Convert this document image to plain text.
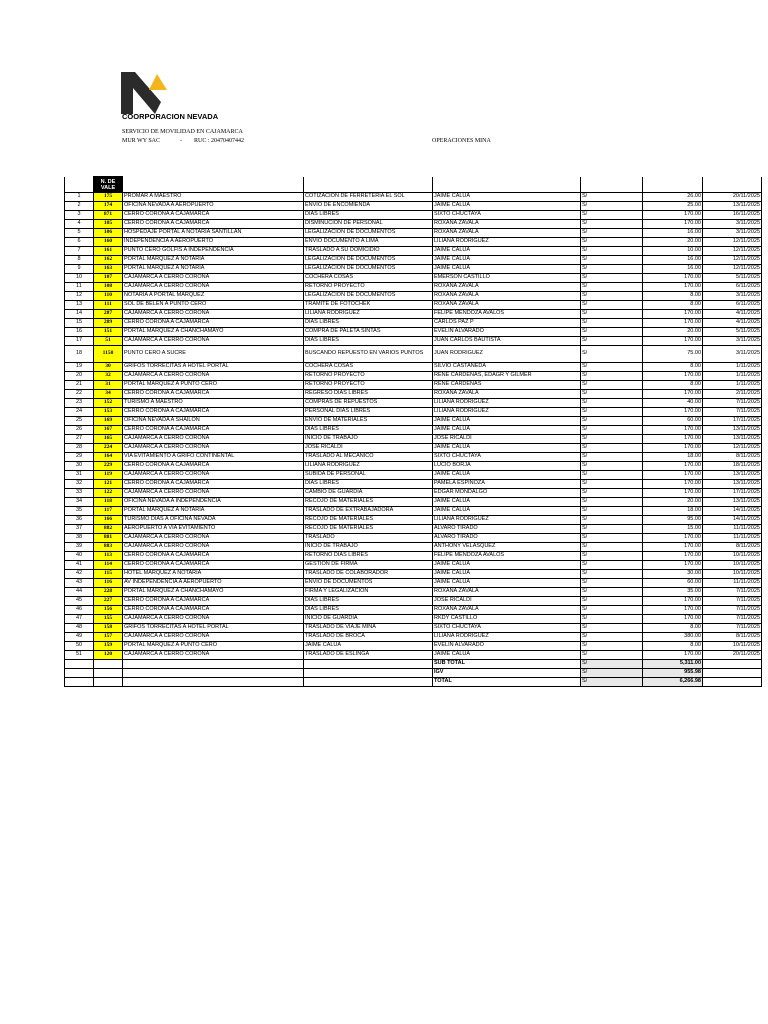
COORPORACION NEVADA
SERVICIO DE MOVILIDAD EN CAJAMARCA
MUR WY SAC	- RUC : 20470407442	OPERACIONES MINA
	N. DE VALE						
1	175	PROMAR A MAESTRO	COTIZACION DE FERRETERIA EL SOL	JAIME CALUA	S/	26.00	20/11/2025
2	174	OFICINA NEVADA A AEROPUERTO	ENVIO DE ENCOMIENDA	JAIME CALUA	S/	25.00	13/11/2025
3	871	CERRO CORONA A CAJAMARCA	DIAS LIBRES	SIXTO CHUCTAYA	S/	170.00	16/11/2025
4	105	CERRO CORONA A CAJAMARCA	DISMINUCION DE PERSONAL	ROXANA ZAVALA	S/	170.00	3/11/2025
5	106	HOSPEDAJE PORTAL A NOTARIA SANTILLAN	LEGALIZACION DE DOCUMENTOS	ROXANA ZAVALA	S/	16.00	3/11/2025
6	160	INDEPENDENCIA A AEROPUERTO	ENVIO DOCUMENTO A LIMA	LILIANA RODRIGUEZ	S/	20.00	12/11/2025
7	161	PUNTO CERO GOLFIS A INDEPENDENCIA	TRASLADO A SU DOMICIDIO	JAIME CALUA	S/	10.00	12/11/2025
8	162	PORTAL MARQUEZ A NOTARIA	LEGALIZACION DE DOCUMENTOS	JAIME CALUA	S/	16.00	12/11/2025
9	163	PORTAL MARQUEZ A NOTARIA	LEGALIZACION DE DOCUMENTOS	JAIME CALUA	S/	16.00	12/11/2025
10	107	CAJAMARCA A CERRO CORONA	COCHERA COSAS	EMERSON CASTILLO	S/	170.00	5/11/2025
11	108	CAJAMARCA A CERRO CORONA	RETORNO PROYECTO	ROXANA ZAVALA	S/	170.00	6/11/2025
12	110	NOTARIA A PORTAL MARQUEZ	LEGALIZACION DE DOCUMENTOS	ROXANA ZAVALA	S/	8.00	3/11/2025
13	111	SOL DE BELEN A PUNTO CERO	TRAMITE DE FOTOCHEK	ROXANA ZAVALA	S/	8.00	6/11/2025
14	287	CAJAMARCA A CERRO CORONA	LILIANA RODRIGUEZ	FELIPE MENDOZA AVALOS	S/	170.00	4/11/2025
15	289	CERRO CORONA A CAJAMARCA	DIAS LIBRES	CARLOS PAZ P	S/	170.00	4/11/2025
16	151	PORTAL MARQUEZ A CHANCHAMAYO	COMPRA DE PALETA SINTAS	EVELIN ALVARADO	S/	20.00	5/11/2025
17	51	CAJAMARCA A CERRO CORONA	DIAS LIBRES	JUAN CARLOS BAUTISTA	S/	170.00	3/11/2025
18	1150	PUNTO CERO A SUCRE	BUSCANDO REPUESTO EN VARIOS PUNTOS	JUAN RODRIGUEZ	S/	75.00	3/11/2025
19	30	GRIFOS TORRECITAS A HOTEL PORTAL	COCHERA COSAS	SILVIO CASTAÑEDA	S/	8.00	1/11/2025
20	32	CAJAMARCA A CERRO CORONA	RETORNO PROYECTO	RENE CARDENAS, EDAGR Y GILMER	S/	170.00	1/11/2025
21	31	PORTAL MARQUEZ A PUNTO CERO	RETORNO PROYECTO	RENE CARDENAS	S/	8.00	1/11/2025
22	34	CERRO CORONA A CAJAMARCA	REGRESO DIAS LIBRES	ROXANA ZAVALA	S/	170.00	2/11/2025
23	152	TURISMO A MAESTRO	COMPRAS DE REPUESTOS	LILIANA RODRIGUEZ	S/	40.00	7/11/2025
24	153	CERRO CORONA A CAJAMARCA	PERSONAL DIAS LIBRES	LILIANA RODRIGUEZ	S/	170.00	7/11/2025
25	169	OFICINA NEVADA A SHAILON	ENVIO DE MATERIALES	JAIME CALUA	S/	60.00	17/11/2025
26	167	CERRO CORONA A CAJAMARCA	DIAS LIBRES	JAIME CALUA	S/	170.00	13/11/2025
27	165	CAJAMARCA A CERRO CORONA	INICIO DE TRABAJO	JOSE RICALDI	S/	170.00	13/11/2025
28	224	CAJAMARCA A CERRO CORONA	JOSE RICALDI	JAIME CALUA	S/	170.00	12/11/2025
29	164	VIA EVITAMIENTO A GRIFO CONTINENTAL	TRASLADO AL MECANICO	SIXTO CHUCTAYA	S/	18.00	8/11/2025
30	229	CERRO CORONA A CAJAMARCA	LILIANA RODRIGUEZ	LUCIO BORJA	S/	170.00	18/11/2025
31	119	CAJAMARCA A CERRO CORONA	SUBIDA DE PERSONAL	JAIME CALUA	S/	170.00	13/11/2025
32	121	CERRO CORONA A CAJAMARCA	DIAS LIBRES	PAMELA ESPINOZA	S/	170.00	13/11/2025
33	122	CAJAMARCA A CERRO CORONA	CAMBIO DE GUARDIA	EDGAR MONDALGO	S/	170.00	17/11/2025
34	118	OFICINA NEVADA A INDEPENDENCIA	RECOJO DE MATERIALES	JAIME CALUA	S/	20.00	13/11/2025
35	117	PORTAL MARQUEZ A NOTARIA	TRASLADO DE EXTRABAJADORA	JAIME CALUA	S/	18.00	14/11/2025
36	166	TURISMO DIAS A OFICINA NEVADA	RECOJO DE MATERIALES	LILIANA RODRIGUEZ	S/	95.00	14/11/2025
37	882	AEROPUERTO A VIA EVITAMIENTO	RECOJO DE MATERIALES	ALVARO TIRADO	S/	15.00	11/11/2025
38	881	CAJAMARCA A CERRO CORONA	TRASLADO	ALVARO TIRADO	S/	170.00	11/11/2025
39	883	CAJAMARCA A CERRO CORONA	INICIO DE TRABAJO	ANTHONY VELASQUEZ	S/	170.00	8/11/2025
40	113	CERRO CORONA A CAJAMARCA	RETORNO DIAS LIBRES	FELIPE MENDOZA AVALOS	S/	170.00	10/11/2025
41	114	CERRO CORONA A CAJAMARCA	GESTION DE FIRMA	JAIME CALUA	S/	170.00	10/11/2025
42	115	HOTEL MARQUEZ A NOTARIA	TRASLADO DE COLABORADOR	JAIME CALUA	S/	30.00	10/11/2025
43	116	AV INDEPENDENCIA A AEROPUERTO	ENVIO DE DOCUMENTOS	JAIME CALUA	S/	60.00	11/11/2025
44	228	PORTAL MARQUEZ A CHANCHAMAYO	FIRMA Y LEGALIZACION	ROXANA ZAVALA	S/	35.00	7/11/2025
45	227	CERRO CORONA A CAJAMARCA	DIAS LIBRES	JOSE RICALDI	S/	170.00	7/11/2025
46	156	CERRO CORONA A CAJAMARCA	DIAS LIBRES	ROXANA ZAVALA	S/	170.00	7/11/2025
47	155	CAJAMARCA A CERRO CORONA	INICIO DE GUARDIA	RKDY CASTILLO	S/	170.00	7/11/2025
48	158	GRIFOS TORRECITAS A HOTEL PORTAL	TRASLADO DE VIAJE MINA	SIXTO CHUCTAYA	S/	8.00	7/11/2025
49	157	CAJAMARCA A CERRO CORONA	TRASLADO DE BROCA	LILIANA RODRIGUEZ	S/	380.00	8/11/2025
50	159	PORTAL MARQUEZ A PUNTO CERO	JAIME CALUA	EVELIN ALVARADO	S/	8.00	10/11/2025
51	120	CAJAMARCA A CERRO CORONA	TRASLADO DE ESLINGA	JAIME CALUA	S/	170.00	20/11/2025
				SUB TOTAL	S/	5,311.00	
				IGV	S/	955.98	
				TOTAL	S/	6,266.98	
